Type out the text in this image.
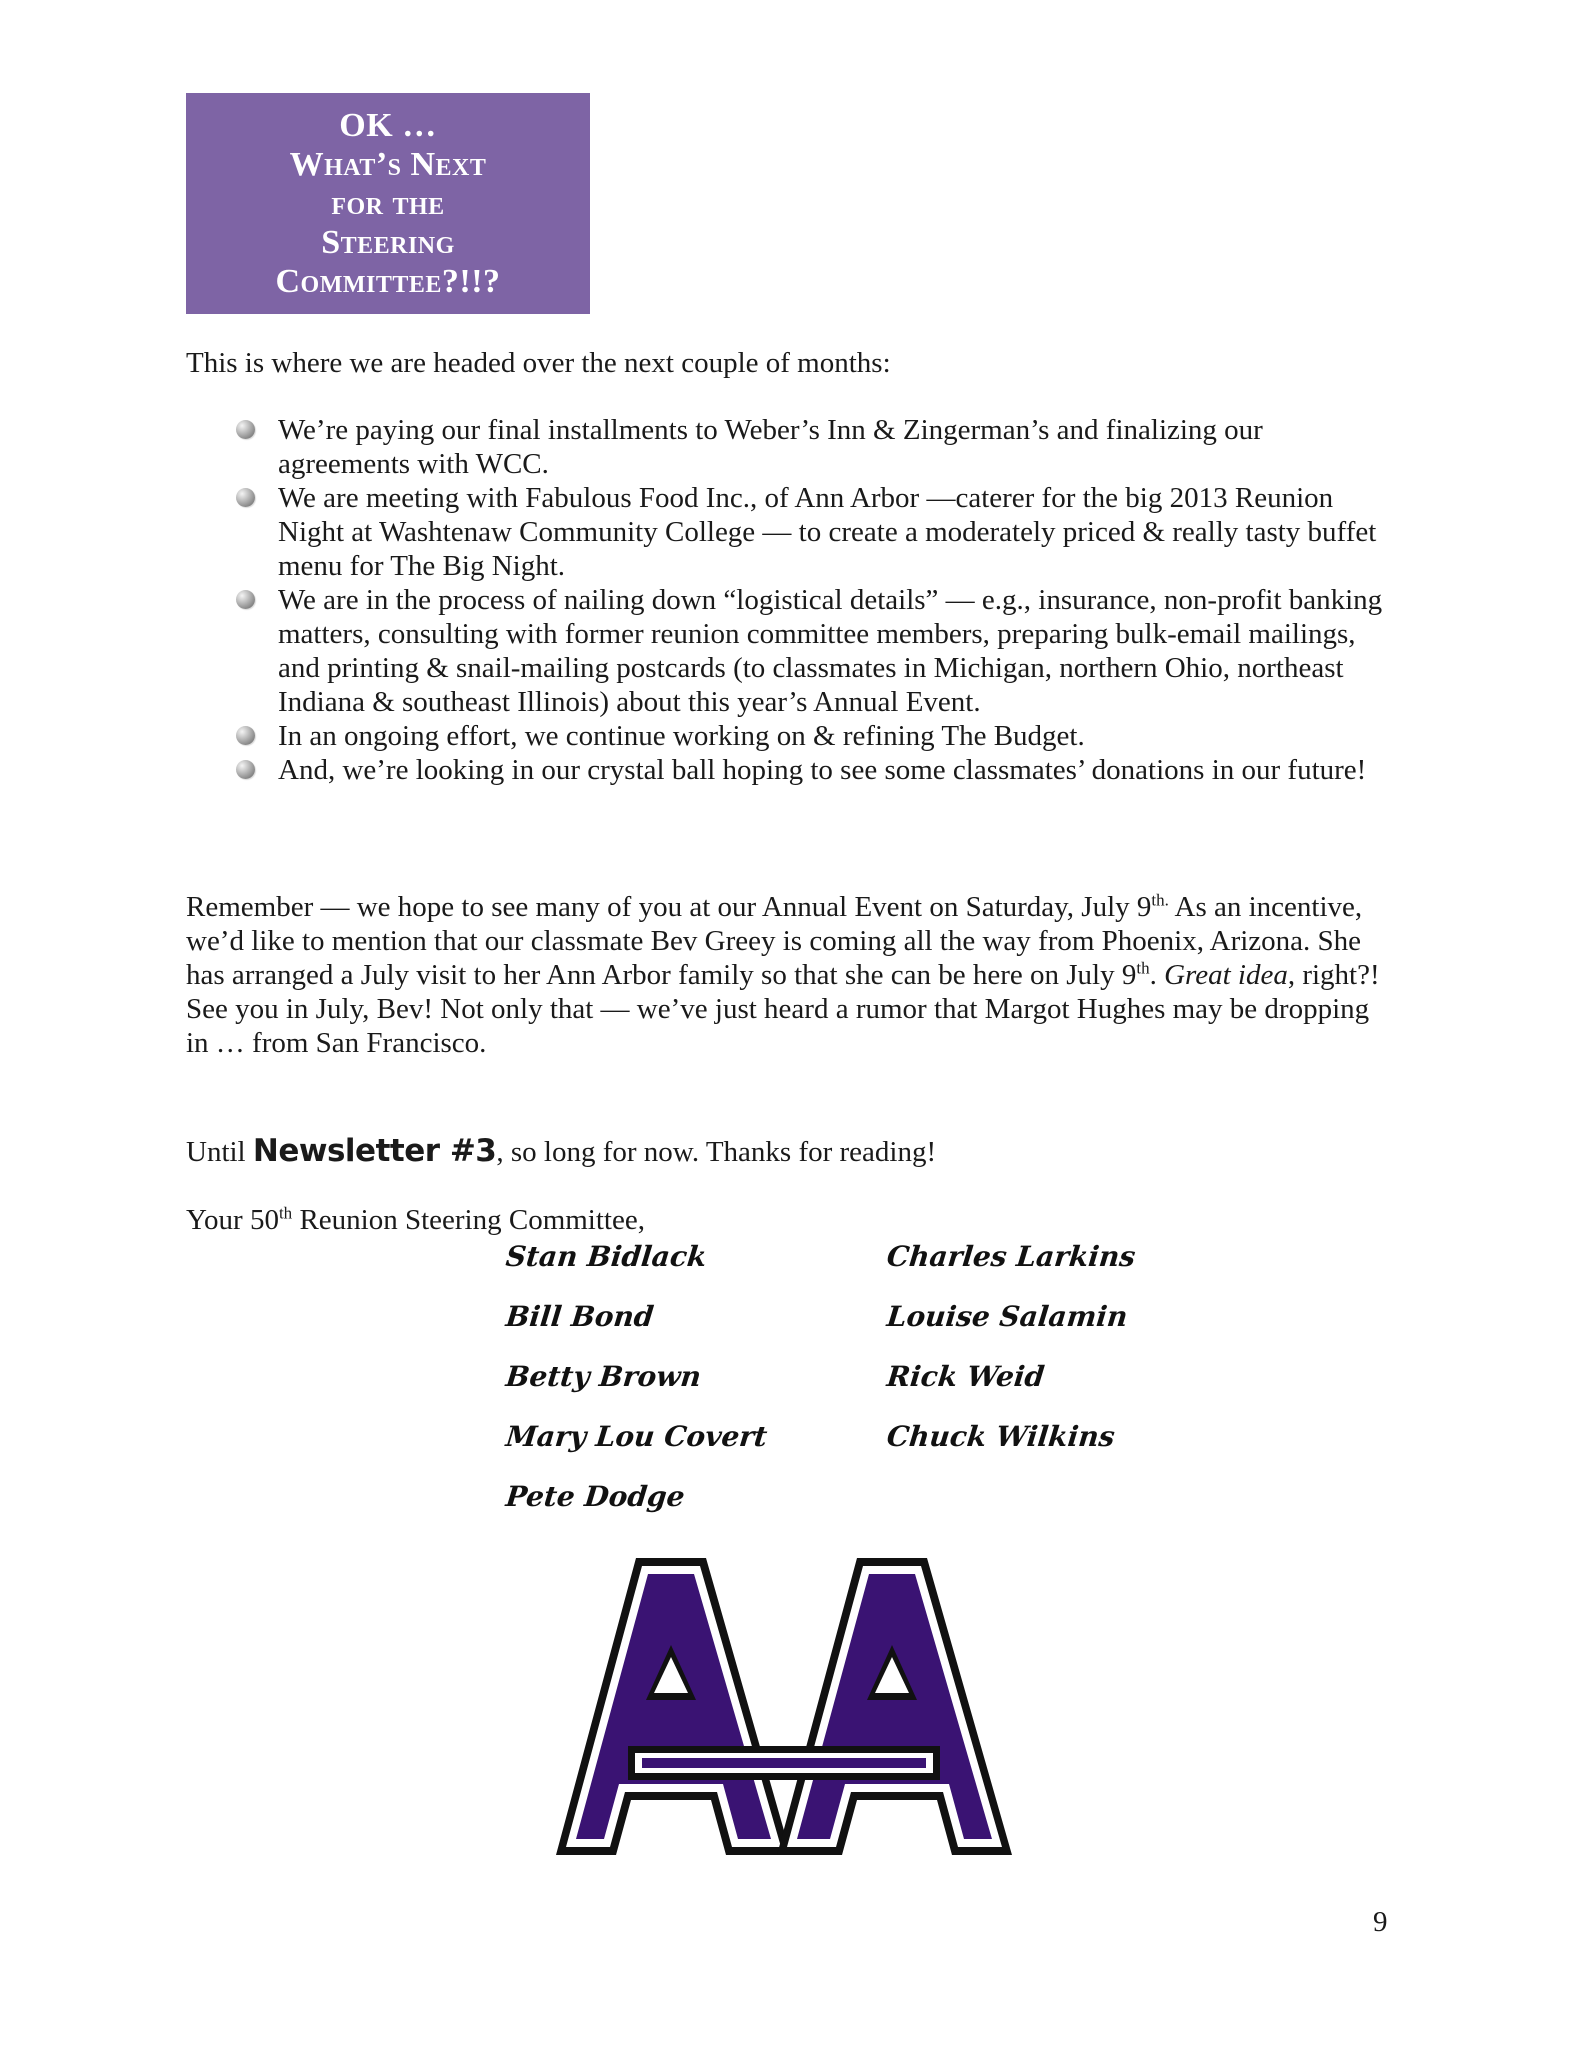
OK …
What’s Next
for the
Steering
Committee?!!?
This is where we are headed over the next couple of months:
We’re paying our final installments to Weber’s Inn & Zingerman’s and finalizing our agreements with WCC.
We are meeting with Fabulous Food Inc., of Ann Arbor —caterer for the big 2013 Reunion Night at Washtenaw Community College — to create a moderately priced & really tasty buffet menu for The Big Night.
We are in the process of nailing down “logistical details” — e.g., insurance, non-profit banking matters, consulting with former reunion committee members, preparing bulk-email mailings, and printing & snail-mailing postcards (to classmates in Michigan, northern Ohio, northeast Indiana & southeast Illinois) about this year’s Annual Event.
In an ongoing effort, we continue working on & refining The Budget.
And, we’re looking in our crystal ball hoping to see some classmates’ donations in our future!
Remember — we hope to see many of you at our Annual Event on Saturday, July $9^{th.}$ As an incentive, we’d like to mention that our classmate Bev Greey is coming all the way from Phoenix, Arizona. She has arranged a July visit to her Ann Arbor family so that she can be here on July 9th. Great idea, right?! See you in July, Bev! Not only that — we’ve just heard a rumor that Margot Hughes may be dropping in … from San Francisco.
Until Newsletter #3, so long for now. Thanks for reading!
Your 50th Reunion Steering Committee,
Stan Bidlack
Bill Bond
Betty Brown
Mary Lou Covert
Pete Dodge
Charles Larkins
Louise Salamin
Rick Weid
Chuck Wilkins
9
